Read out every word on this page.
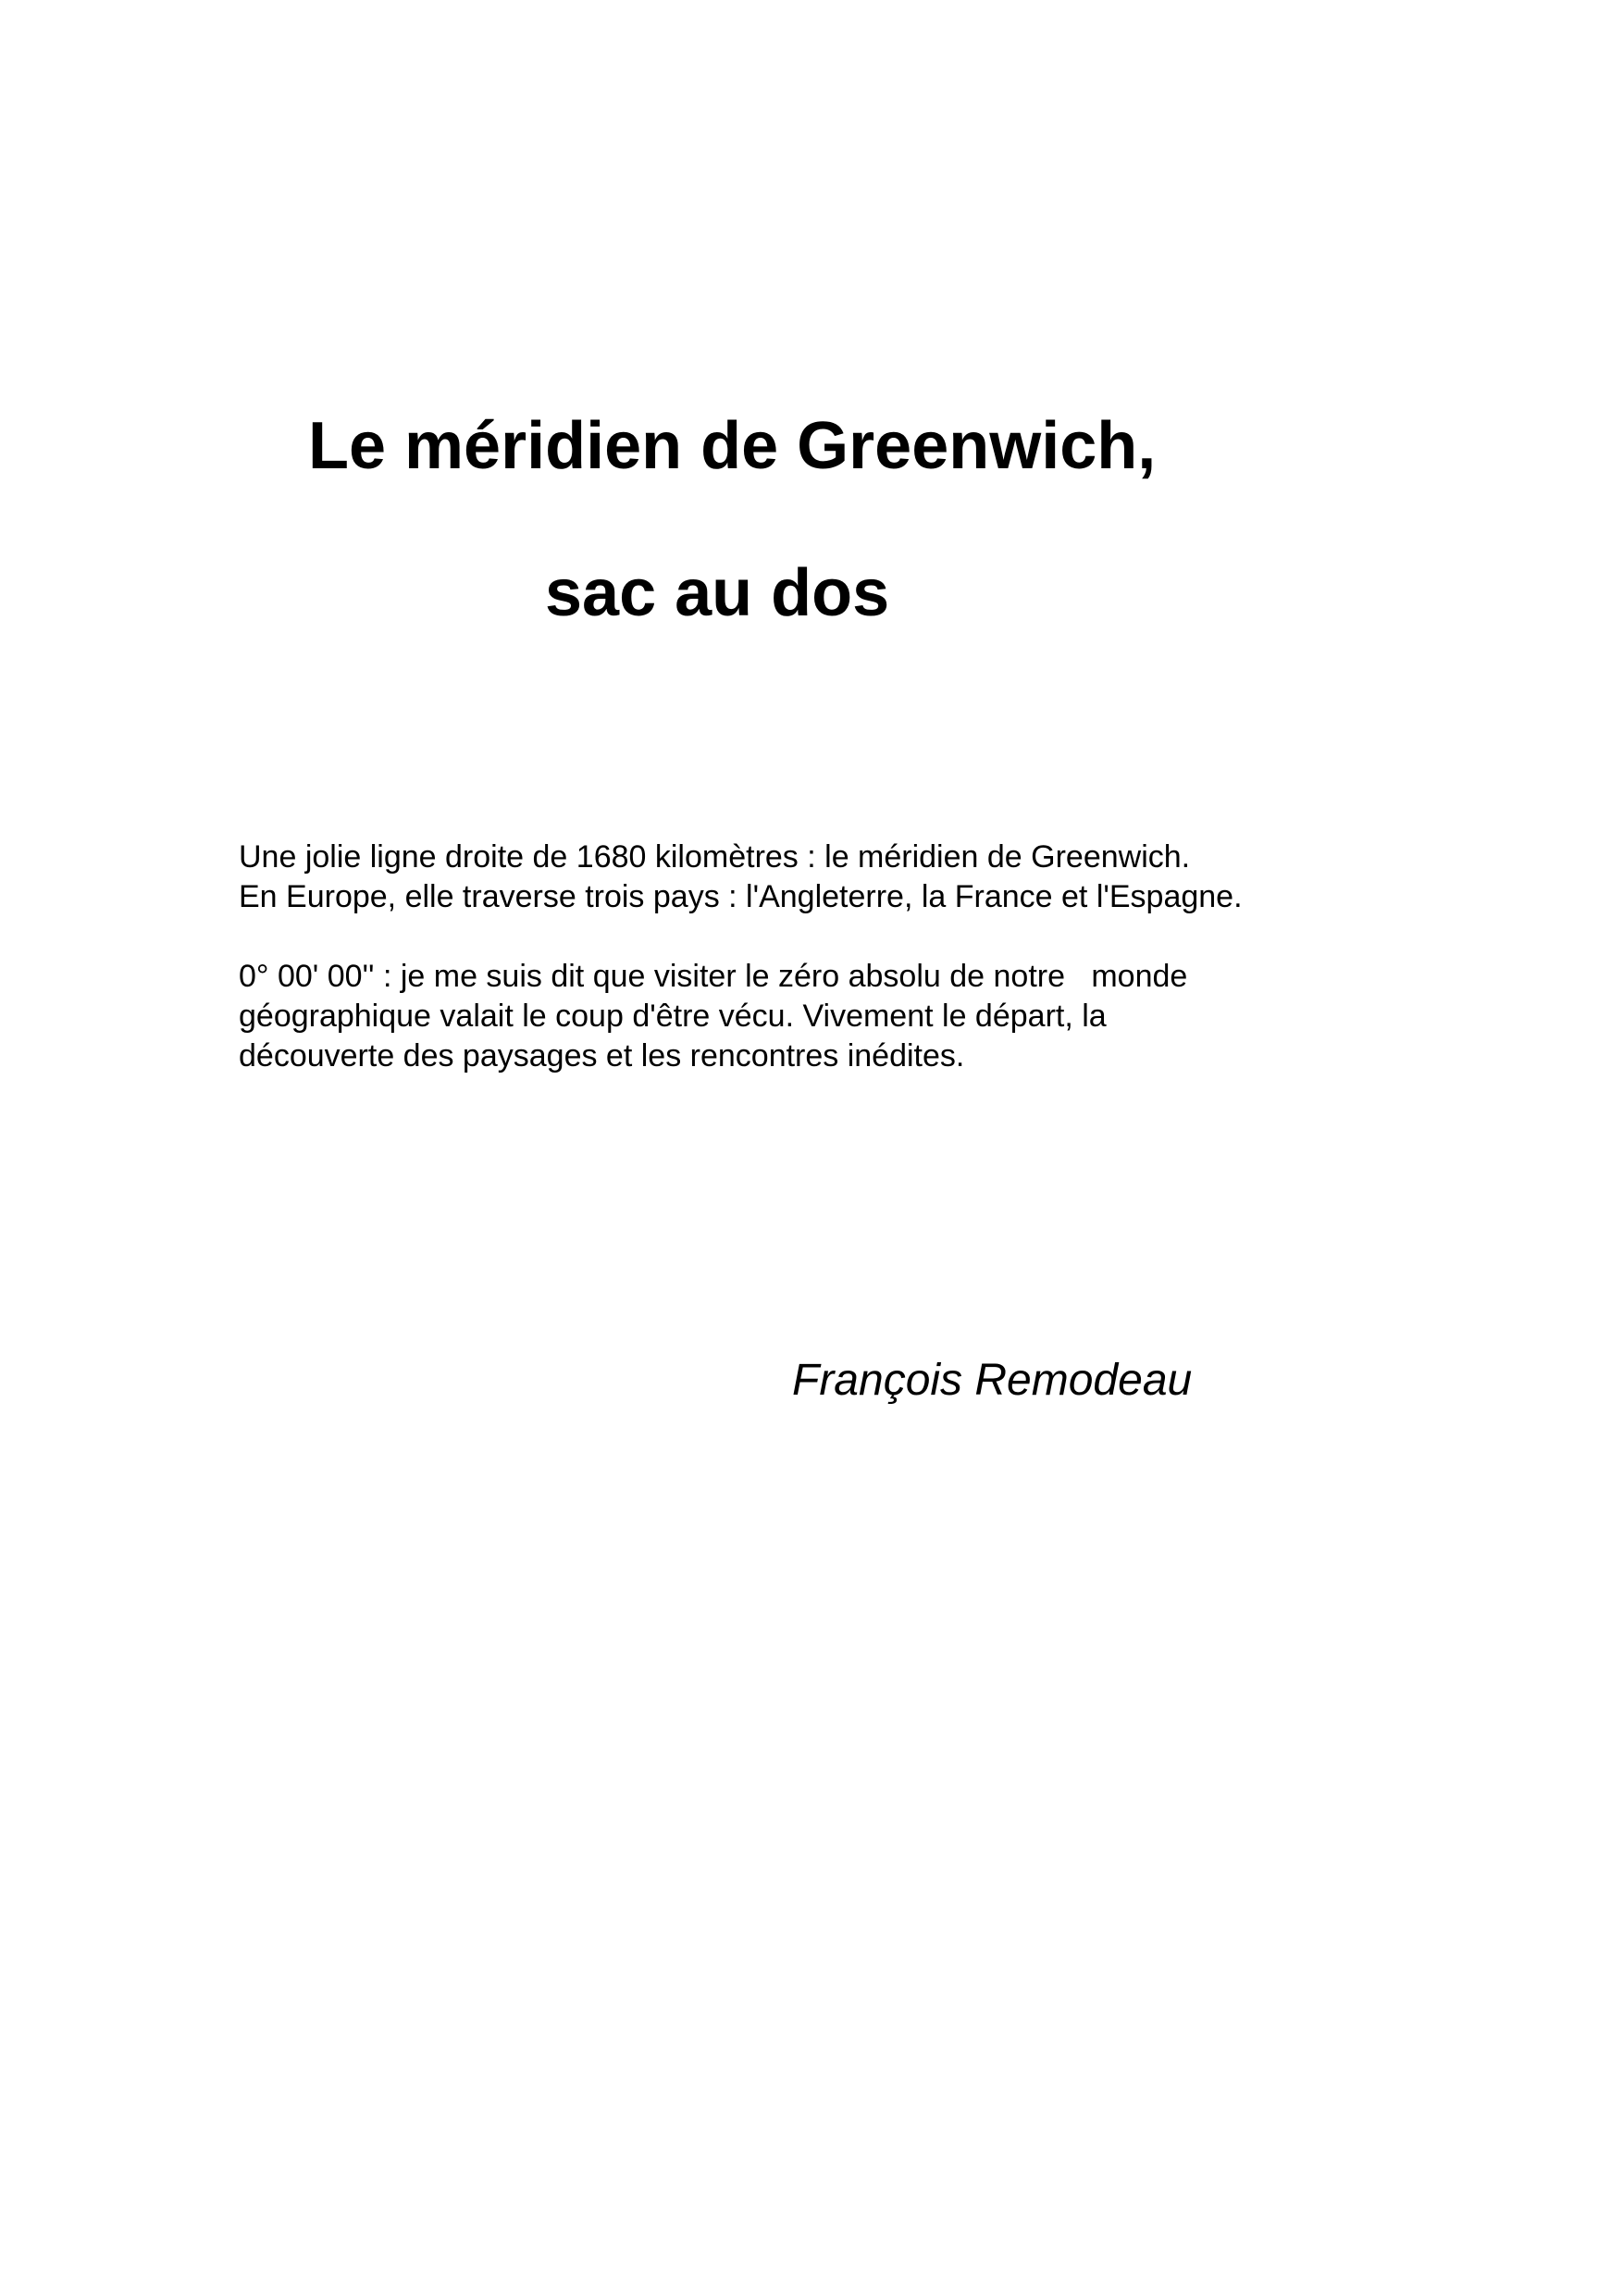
Le méridien de Greenwich,
sac au dos
Une jolie ligne droite de 1680 kilomètres : le méridien de Greenwich.
En Europe, elle traverse trois pays : l'Angleterre, la France et l'Espagne.
0° 00' 00'' : je me suis dit que visiter le zéro absolu de notre   monde
géographique valait le coup d'être vécu. Vivement le départ, la
découverte des paysages et les rencontres inédites.

François Remodeau
